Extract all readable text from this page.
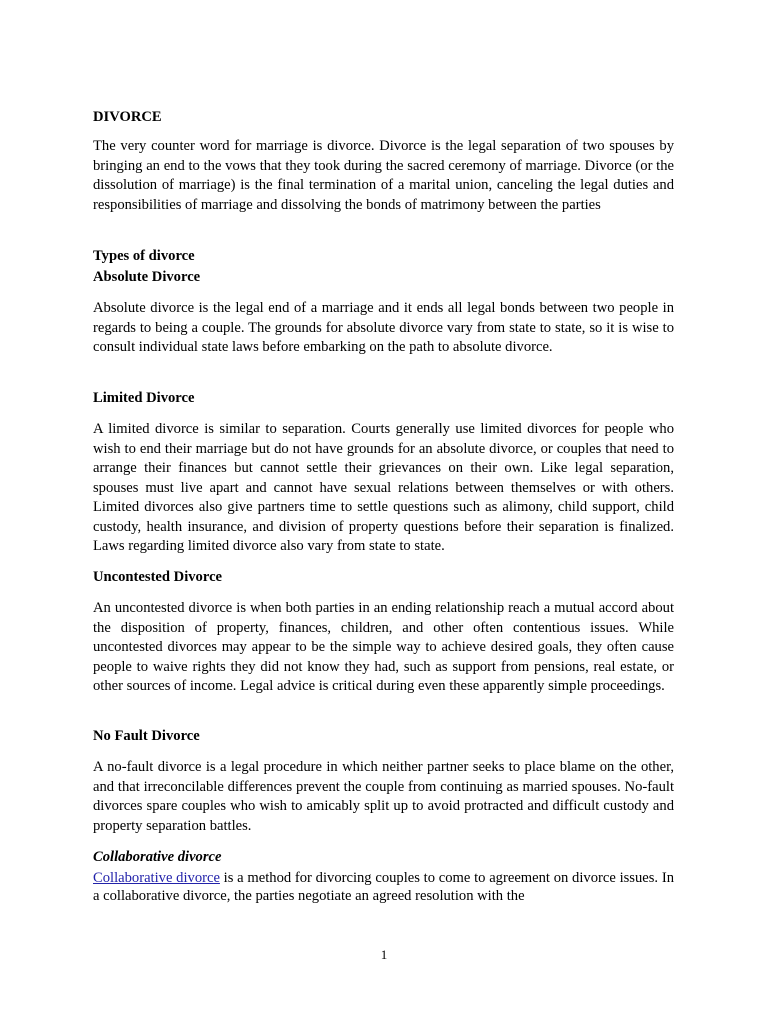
DIVORCE

The very counter word for marriage is divorce. Divorce is the legal separation of two spouses by bringing an end to the vows that they took during the sacred ceremony of marriage. Divorce (or the dissolution of marriage) is the final termination of a marital union, canceling the legal duties and responsibilities of marriage and dissolving the bonds of matrimony between the parties

Types of divorce

Absolute Divorce

Absolute divorce is the legal end of a marriage and it ends all legal bonds between two people in regards to being a couple. The grounds for absolute divorce vary from state to state, so it is wise to consult individual state laws before embarking on the path to absolute divorce.

Limited Divorce

A limited divorce is similar to separation. Courts generally use limited divorces for people who wish to end their marriage but do not have grounds for an absolute divorce, or couples that need to arrange their finances but cannot settle their grievances on their own. Like legal separation, spouses must live apart and cannot have sexual relations between themselves or with others. Limited divorces also give partners time to settle questions such as alimony, child support, child custody, health insurance, and division of property questions before their separation is finalized. Laws regarding limited divorce also vary from state to state.

Uncontested Divorce

An uncontested divorce is when both parties in an ending relationship reach a mutual accord about the disposition of property, finances, children, and other often contentious issues. While uncontested divorces may appear to be the simple way to achieve desired goals, they often cause people to waive rights they did not know they had, such as support from pensions, real estate, or other sources of income. Legal advice is critical during even these apparently simple proceedings.

No Fault Divorce

A no-fault divorce is a legal procedure in which neither partner seeks to place blame on the other, and that irreconcilable differences prevent the couple from continuing as married spouses. No-fault divorces spare couples who wish to amicably split up to avoid protracted and difficult custody and property separation battles.

Collaborative divorce

Collaborative divorce is a method for divorcing couples to come to agreement on divorce issues. In a collaborative divorce, the parties negotiate an agreed resolution with the

1
